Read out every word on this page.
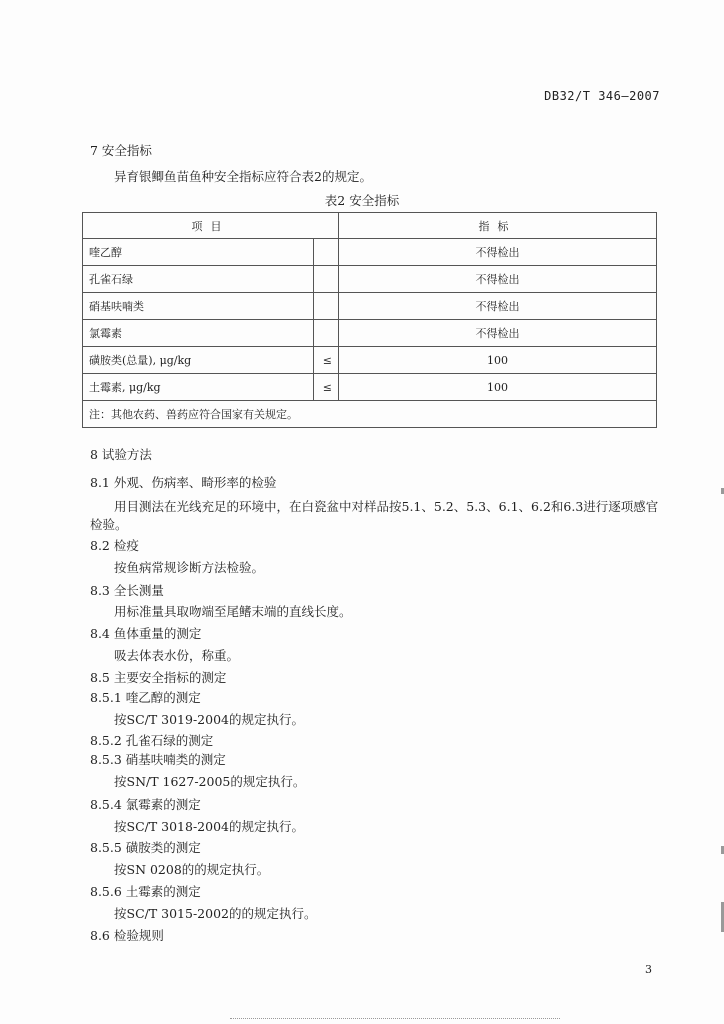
DB32/T 346—2007
7 安全指标
异育银鲫鱼苗鱼种安全指标应符合表2的规定。
表2 安全指标
项目		指标
喹乙醇		不得检出
孔雀石绿		不得检出
硝基呋喃类		不得检出
氯霉素		不得检出
磺胺类(总量), μg/kg	≤	100
土霉素, μg/kg	≤	100
注：其他农药、兽药应符合国家有关规定。		
8 试验方法
8.1 外观、伤病率、畸形率的检验
用目测法在光线充足的环境中，在白瓷盆中对样品按5.1、5.2、5.3、6.1、6.2和6.3进行逐项感官
检验。
8.2 检疫
按鱼病常规诊断方法检验。
8.3 全长测量
用标准量具取吻端至尾鳍末端的直线长度。
8.4 鱼体重量的测定
吸去体表水份，称重。
8.5 主要安全指标的测定
8.5.1 喹乙醇的测定
按SC/T 3019-2004的规定执行。
8.5.2 孔雀石绿的测定
8.5.3 硝基呋喃类的测定
按SN/T 1627-2005的规定执行。
8.5.4 氯霉素的测定
按SC/T 3018-2004的规定执行。
8.5.5 磺胺类的测定
按SN 0208的的规定执行。
8.5.6 土霉素的测定
按SC/T 3015-2002的的规定执行。
8.6 检验规则
3
